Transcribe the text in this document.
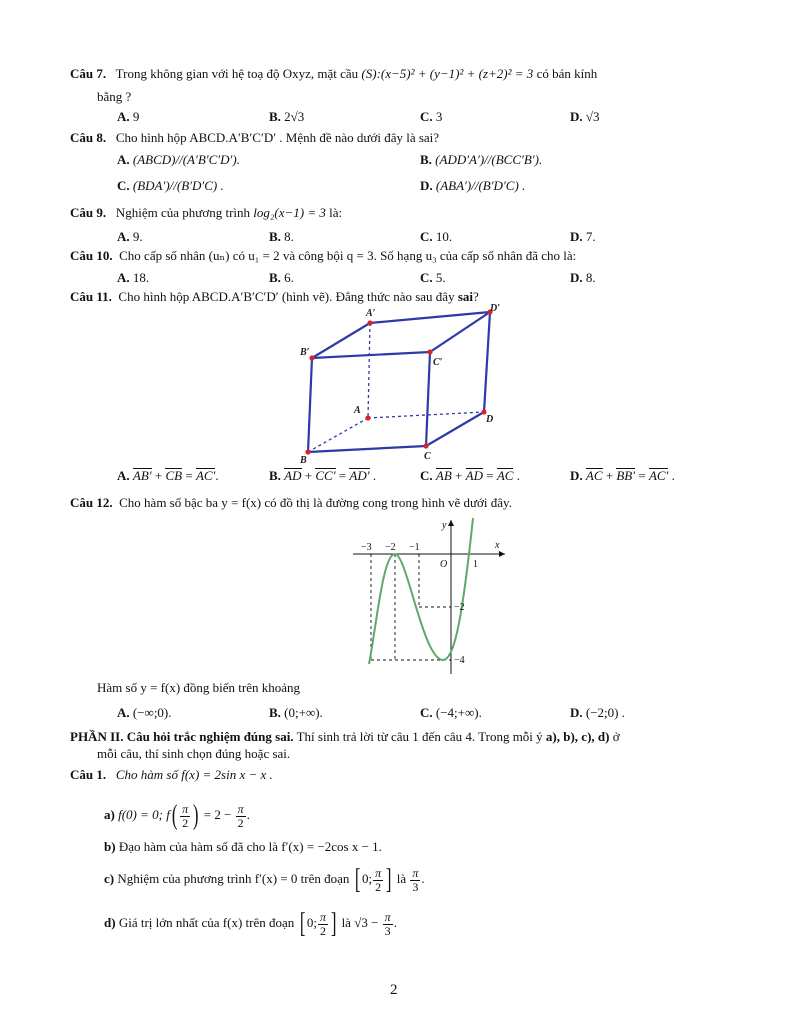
Câu 7. Trong không gian với hệ toạ độ Oxyz, mặt cầu (S):(x−5)² + (y−1)² + (z+2)² = 3 có bán kính
bằng ?
A. 9	B. 2√3	C. 3	D. √3
Câu 8. Cho hình hộp ABCD.A′B′C′D′ . Mệnh đề nào dưới đây là sai?
A. (ABCD)//(A′B′C′D′).	B. (ADD′A′)//(BCC′B′).
C. (BDA′)//(B′D′C) .	D. (ABA′)//(B′D′C) .
Câu 9. Nghiệm của phương trình log₂(x−1) = 3 là:
A. 9.	B. 8.	C. 10.	D. 7.
Câu 10. Cho cấp số nhân (uₙ) có u₁ = 2 và công bội q = 3. Số hạng u₃ của cấp số nhân đã cho là:
A. 18.	B. 6.	C. 5.	D. 8.
Câu 11. Cho hình hộp ABCD.A′B′C′D′ (hình vẽ). Đẳng thức nào sau đây sai?
A′	D′
B′
C′
A
D
B	C
A. AB′ + CB = AC′.	B. AD + CC′ = AD′ .	C. AB + AD = AC .	D. AC + BB′ = AC′ .
Câu 12. Cho hàm số bậc ba y = f(x) có đồ thị là đường cong trong hình vẽ dưới đây.
y
x
O
−3 −2 −1
1
−2
−4
Hàm số y = f(x) đồng biến trên khoảng
A. (−∞;0).	B. (0;+∞).	C. (−4;+∞).	D. (−2;0) .
PHẦN II. Câu hỏi trắc nghiệm đúng sai. Thí sinh trả lời từ câu 1 đến câu 4. Trong mỗi ý a), b), c), d) ở
mỗi câu, thí sinh chọn đúng hoặc sai.
Câu 1. Cho hàm số f(x) = 2sin x − x .
a) f(0) = 0; $f( \frac{\pi}{2}$ ) = $2 - \frac{\pi}{2}$ .
b) Đạo hàm của hàm số đã cho là f′(x) = −2cos x − 1.
c) Nghiệm của phương trình f′(x) = 0 trên đoạn [ 0; $\frac{\pi}{2}$ ] là $\frac{\pi}{3}$ .
d) Giá trị lớn nhất của f(x) trên đoạn [ 0; $\frac{\pi}{2}$ ] là $√3 - \frac{\pi}{3}$ .
2
